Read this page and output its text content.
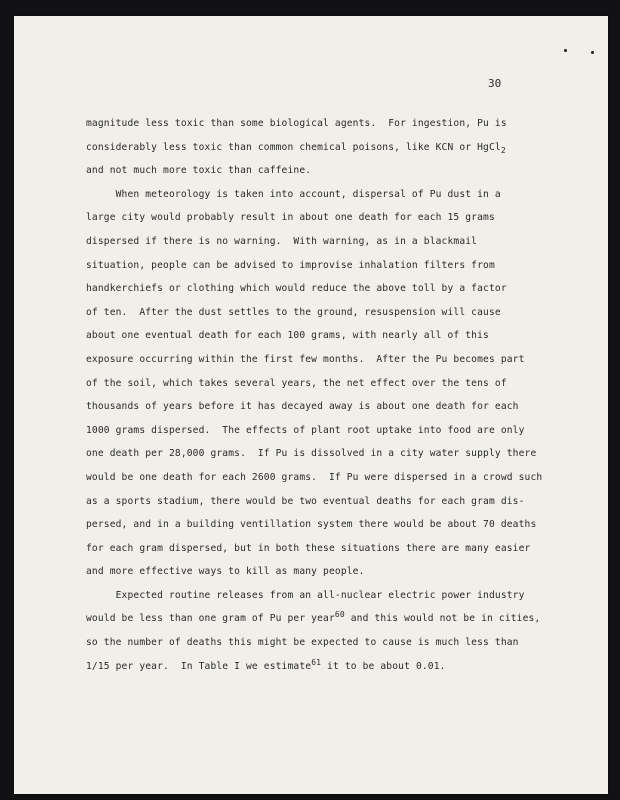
30
magnitude less toxic than some biological agents.  For ingestion, Pu is
considerably less toxic than common chemical poisons, like KCN or HgCl$_2$
and not much more toxic than caffeine.
When meteorology is taken into account, dispersal of Pu dust in a
large city would probably result in about one death for each 15 grams
dispersed if there is no warning.  With warning, as in a blackmail
situation, people can be advised to improvise inhalation filters from
handkerchiefs or clothing which would reduce the above toll by a factor
of ten.  After the dust settles to the ground, resuspension will cause
about one eventual death for each 100 grams, with nearly all of this
exposure occurring within the first few months.  After the Pu becomes part
of the soil, which takes several years, the net effect over the tens of
thousands of years before it has decayed away is about one death for each
1000 grams dispersed.  The effects of plant root uptake into food are only
one death per 28,000 grams.  If Pu is dissolved in a city water supply there
would be one death for each 2600 grams.  If Pu were dispersed in a crowd such
as a sports stadium, there would be two eventual deaths for each gram dis-
persed, and in a building ventillation system there would be about 70 deaths
for each gram dispersed, but in both these situations there are many easier
and more effective ways to kill as many people.
Expected routine releases from an all-nuclear electric power industry
would be less than one gram of Pu per year$^{60}$ and this would not be in cities,
so the number of deaths this might be expected to cause is much less than
1/15 per year.  In Table I we estimate$^{61}$ it to be about 0.01.
